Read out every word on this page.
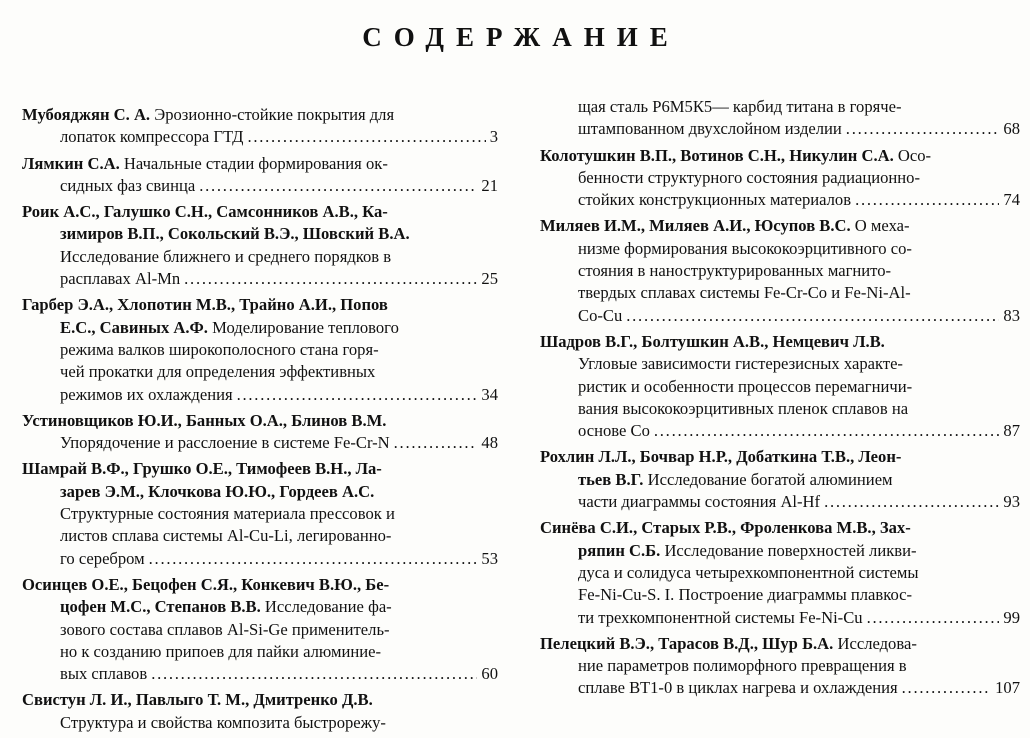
СОДЕРЖАНИЕ
Мубояджян С. А. Эрозионно-стойкие покрытия для
лопаток компрессора ГТД . . .	3
Лямкин С.А. Начальные стадии формирования ок-
сидных фаз свинца . . .	21
Роик А.С., Галушко С.Н., Самсонников А.В., Ка-
зимиров В.П., Сокольский В.Э., Шовский В.А.
Исследование ближнего и среднего порядков в
расплавах Al-Mn . . .	25
Гарбер Э.А., Хлопотин М.В., Трайно А.И., Попов
Е.С., Савиных А.Ф. Моделирование теплового
режима валков широкополосного стана горя-
чей прокатки для определения эффективных
режимов их охлаждения . . .	34
Устиновщиков Ю.И., Банных О.А., Блинов В.М.
Упорядочение и расслоение в системе Fe-Cr-N . . .	48
Шамрай В.Ф., Грушко О.Е., Тимофеев В.Н., Ла-
зарев Э.М., Клочкова Ю.Ю., Гордеев А.С.
Структурные состояния материала прессовок и
листов сплава системы Al-Cu-Li, легированно-
го серебром . . .	53
Осинцев О.Е., Бецофен С.Я., Конкевич В.Ю., Бе-
цофен М.С., Степанов В.В. Исследование фа-
зового состава сплавов Al-Si-Ge применитель-
но к созданию припоев для пайки алюминие-
вых сплавов . . .	60
Свистун Л. И., Павлыго Т. М., Дмитренко Д.В.
Структура и свойства композита быстрорежу-
щая сталь Р6М5К5— карбид титана в горяче-
штампованном двухслойном изделии . . .	68
Колотушкин В.П., Вотинов С.Н., Никулин С.А. Осо-
бенности структурного состояния радиационно-
стойких конструкционных материалов . . .	74
Миляев И.М., Миляев А.И., Юсупов В.С. О меха-
низме формирования высококоэрцитивного со-
стояния в наноструктурированных магнито-
твердых сплавах системы Fe-Cr-Co и Fe-Ni-Al-
Co-Cu . . .	83
Шадров В.Г., Болтушкин А.В., Немцевич Л.В.
Угловые зависимости гистерезисных характе-
ристик и особенности процессов перемагничи-
вания высококоэрцитивных пленок сплавов на
основе Co . . .	87
Рохлин Л.Л., Бочвар Н.Р., Добаткина Т.В., Леон-
тьев В.Г. Исследование богатой алюминием
части диаграммы состояния Al-Hf . . .	93
Синёва С.И., Старых Р.В., Фроленкова М.В., Зах-
ряпин С.Б. Исследование поверхностей ликви-
дуса и солидуса четырехкомпонентной системы
Fe-Ni-Cu-S. I. Построение диаграммы плавкос-
ти трехкомпонентной системы Fe-Ni-Cu . . .	99
Пелецкий В.Э., Тарасов В.Д., Шур Б.А. Исследова-
ние параметров полиморфного превращения в
сплаве ВТ1-0 в циклах нагрева и охлаждения . . .	107
